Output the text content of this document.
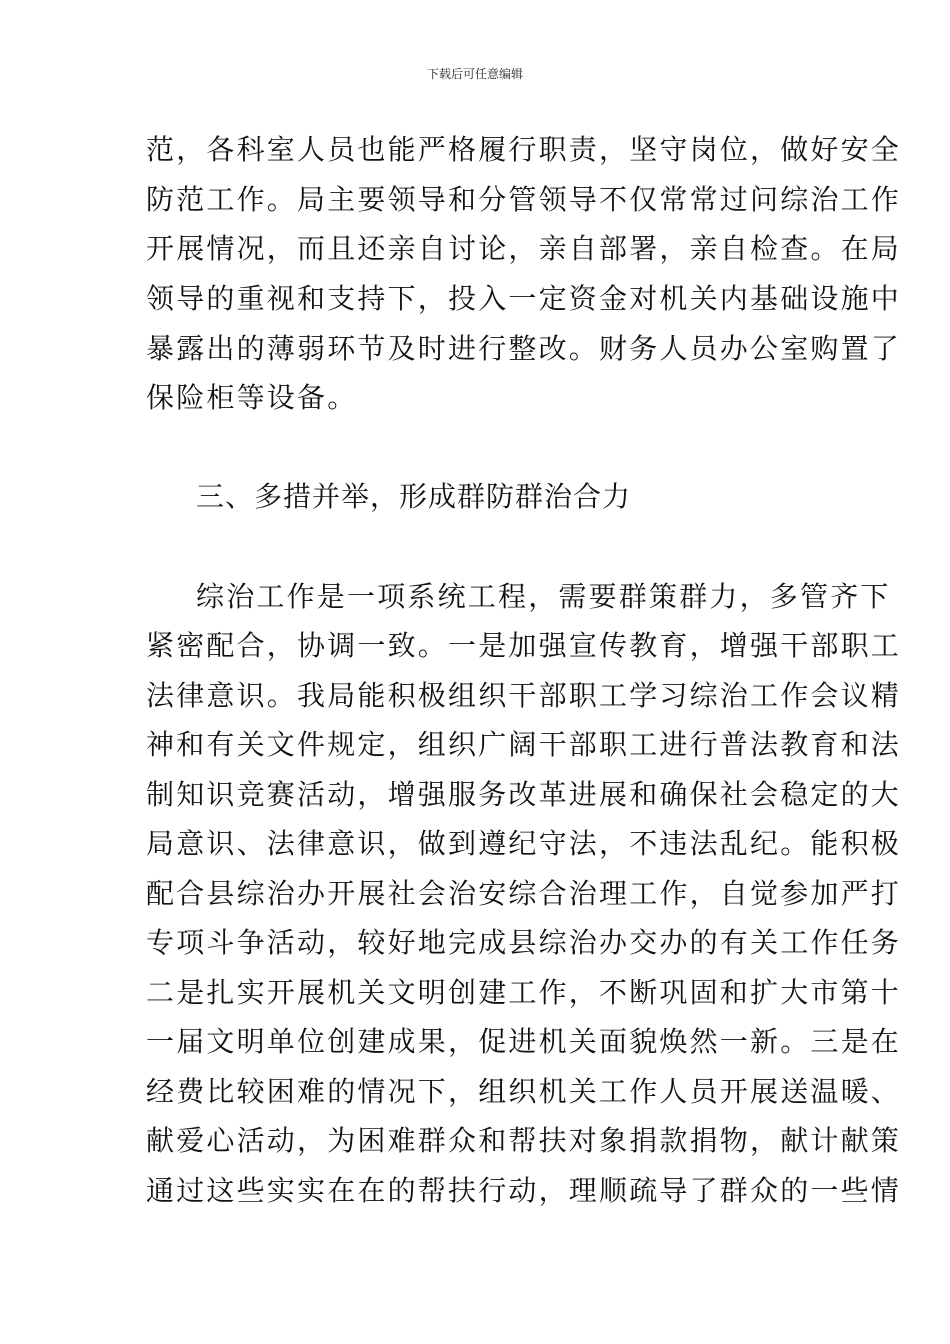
下载后可任意编辑
范，各科室人员也能严格履行职责，坚守岗位，做好安全
防范工作。局主要领导和分管领导不仅常常过问综治工作
开展情况，而且还亲自讨论，亲自部署，亲自检查。在局
领导的重视和支持下，投入一定资金对机关内基础设施中
暴露出的薄弱环节及时进行整改。财务人员办公室购置了
保险柜等设备。
三、多措并举，形成群防群治合力
综治工作是一项系统工程，需要群策群力，多管齐下
紧密配合，协调一致。一是加强宣传教育，增强干部职工
法律意识。我局能积极组织干部职工学习综治工作会议精
神和有关文件规定，组织广阔干部职工进行普法教育和法
制知识竞赛活动，增强服务改革进展和确保社会稳定的大
局意识、法律意识，做到遵纪守法，不违法乱纪。能积极
配合县综治办开展社会治安综合治理工作，自觉参加严打
专项斗争活动，较好地完成县综治办交办的有关工作任务
二是扎实开展机关文明创建工作，不断巩固和扩大市第十
一届文明单位创建成果，促进机关面貌焕然一新。三是在
经费比较困难的情况下，组织机关工作人员开展送温暖、
献爱心活动，为困难群众和帮扶对象捐款捐物，献计献策
通过这些实实在在的帮扶行动，理顺疏导了群众的一些情
